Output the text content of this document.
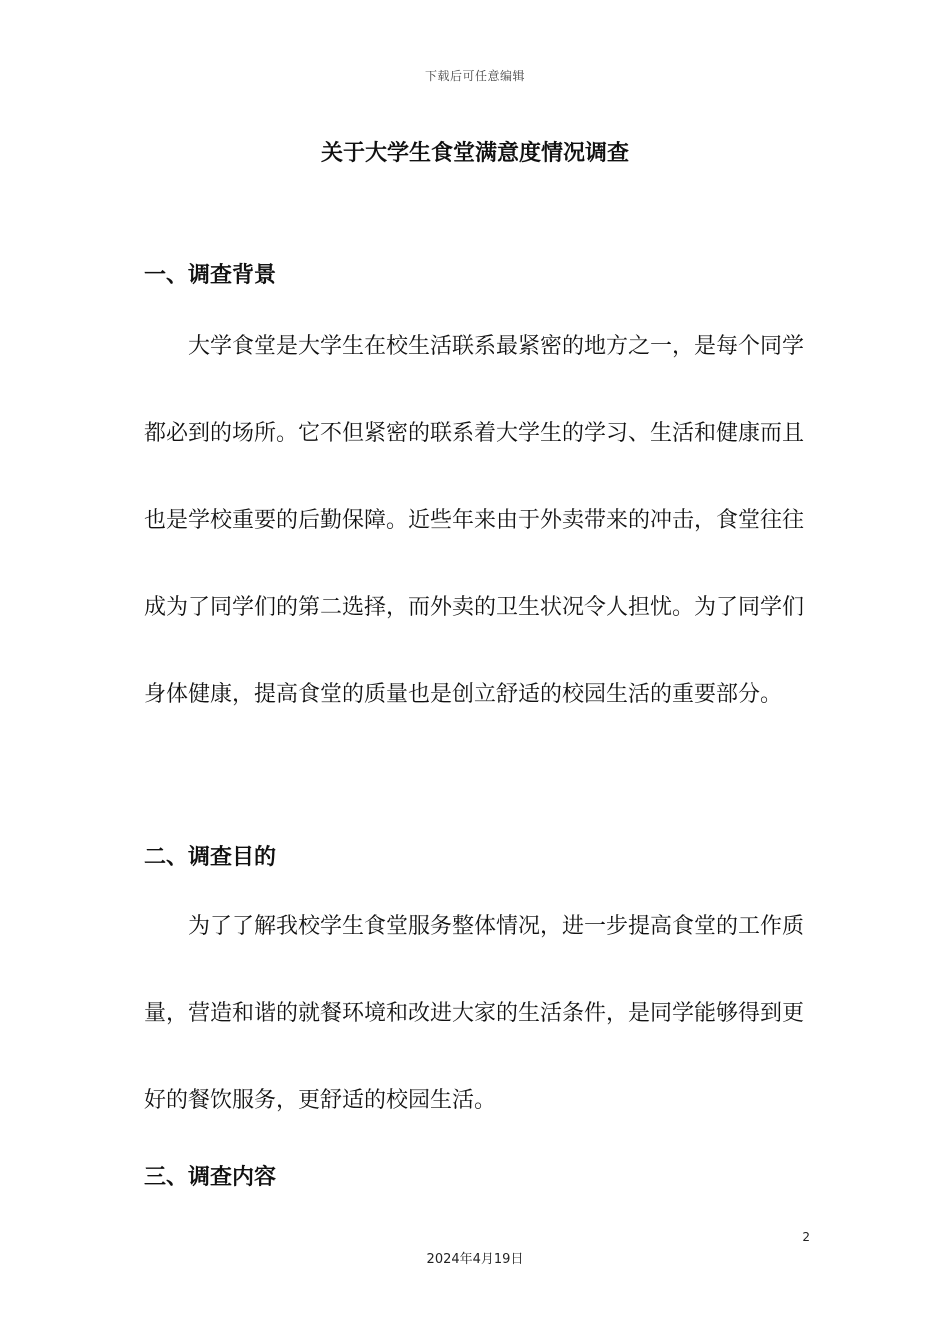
下载后可任意编辑
关于大学生食堂满意度情况调查
一、调查背景

大学食堂是大学生在校生活联系最紧密的地方之一，是每个同学都必到的场所。它不但紧密的联系着大学生的学习、生活和健康而且也是学校重要的后勤保障。近些年来由于外卖带来的冲击，食堂往往成为了同学们的第二选择，而外卖的卫生状况令人担忧。为了同学们身体健康，提高食堂的质量也是创立舒适的校园生活的重要部分。

二、调查目的

为了了解我校学生食堂服务整体情况，进一步提高食堂的工作质量，营造和谐的就餐环境和改进大家的生活条件，是同学能够得到更好的餐饮服务，更舒适的校园生活。

三、调查内容
2
2024年4月19日
